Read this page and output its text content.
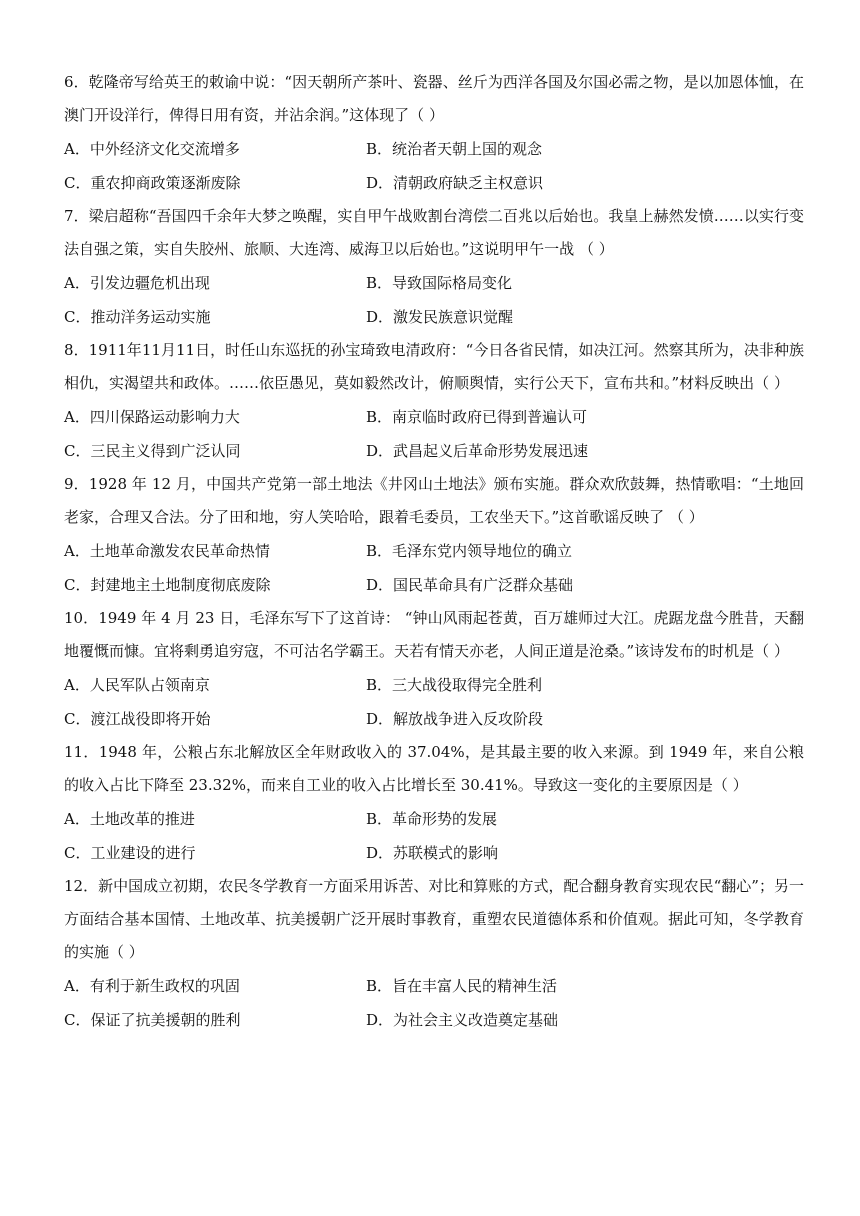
6．乾隆帝写给英王的敕谕中说：“因天朝所产茶叶、瓷器、丝斤为西洋各国及尔国必需之物，是以加恩体恤，在澳门开设洋行，俾得日用有资，并沾余润。”这体现了（ ）

A．中外经济文化交流增多	B．统治者天朝上国的观念
C．重农抑商政策逐渐废除	D．清朝政府缺乏主权意识

7．梁启超称“吾国四千余年大梦之唤醒，实自甲午战败割台湾偿二百兆以后始也。我皇上赫然发愤……以实行变法自强之策，实自失胶州、旅顺、大连湾、威海卫以后始也。”这说明甲午一战 （ ）

A．引发边疆危机出现	B．导致国际格局变化
C．推动洋务运动实施	D．激发民族意识觉醒

8．1911年11月11日，时任山东巡抚的孙宝琦致电清政府：“今日各省民情，如决江河。然察其所为，决非种族相仇，实渴望共和政体。……依臣愚见，莫如毅然改计，俯顺舆情，实行公天下，宣布共和。”材料反映出（ ）

A．四川保路运动影响力大	B．南京临时政府已得到普遍认可
C．三民主义得到广泛认同	D．武昌起义后革命形势发展迅速

9．1928 年 12 月，中国共产党第一部土地法《井冈山土地法》颁布实施。群众欢欣鼓舞，热情歌唱：“土地回老家，合理又合法。分了田和地，穷人笑哈哈，跟着毛委员，工农坐天下。”这首歌谣反映了 （ ）

A．土地革命激发农民革命热情	B．毛泽东党内领导地位的确立
C．封建地主土地制度彻底废除	D．国民革命具有广泛群众基础

10．1949 年 4 月 23 日，毛泽东写下了这首诗： “钟山风雨起苍黄，百万雄师过大江。虎踞龙盘今胜昔，天翻地覆慨而慷。宜将剩勇追穷寇，不可沽名学霸王。天若有情天亦老，人间正道是沧桑。”该诗发布的时机是（ ）

A．人民军队占领南京	B．三大战役取得完全胜利
C．渡江战役即将开始	D．解放战争进入反攻阶段

11．1948 年，公粮占东北解放区全年财政收入的 37.04%，是其最主要的收入来源。到 1949 年，来自公粮的收入占比下降至 23.32%，而来自工业的收入占比增长至 30.41%。导致这一变化的主要原因是（ ）

A．土地改革的推进	B．革命形势的发展
C．工业建设的进行	D．苏联模式的影响

12．新中国成立初期，农民冬学教育一方面采用诉苦、对比和算账的方式，配合翻身教育实现农民“翻心”；另一方面结合基本国情、土地改革、抗美援朝广泛开展时事教育，重塑农民道德体系和价值观。据此可知，冬学教育的实施（ ）

A．有利于新生政权的巩固	B．旨在丰富人民的精神生活
C．保证了抗美援朝的胜利	D．为社会主义改造奠定基础
